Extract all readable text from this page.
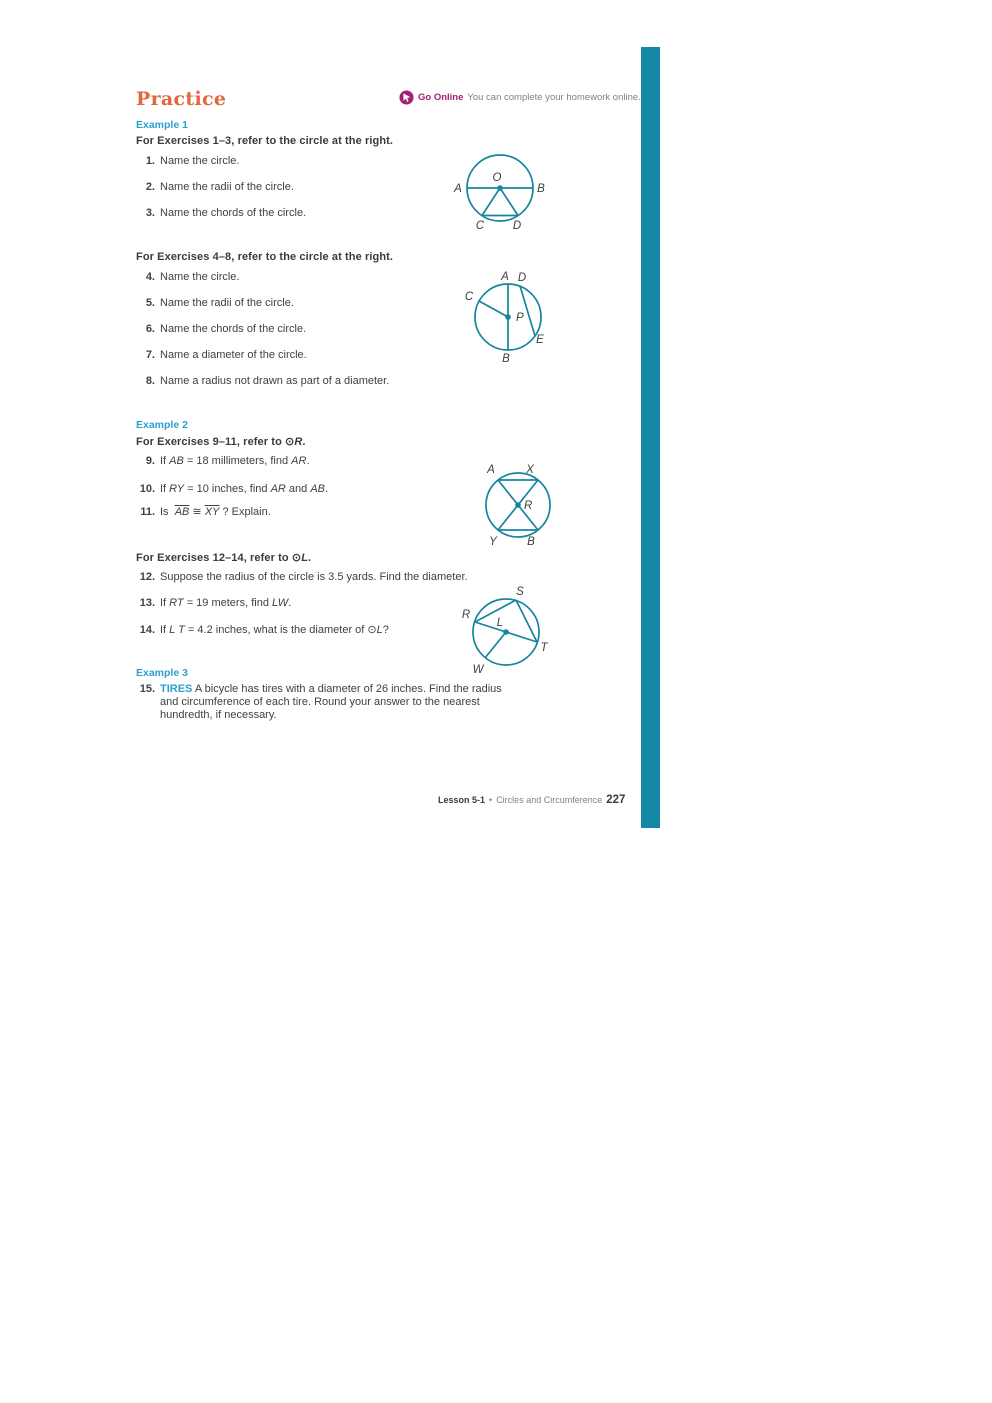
Practice	Go Online You can complete your homework online.
Example 1
For Exercises 1–3, refer to the circle at the right.
1. Name the circle.
2. Name the radii of the circle.
3. Name the chords of the circle.
A	B
O
C D
For Exercises 4–8, refer to the circle at the right.
4. Name the circle.
5. Name the radii of the circle.
6. Name the chords of the circle.
7. Name a diameter of the circle.
8. Name a radius not drawn as part of a diameter.
A D
C
P
E
B
Example 2
For Exercises 9–11, refer to ⊙R.
9. If AB = 18 millimeters, find AR.
10. If RY = 10 inches, find AR and AB.
11. Is  $\overline{AB}$ ≅ $\overline{XY}$ ? Explain.
A	X
R
Y	B
For Exercises 12–14, refer to ⊙L.
12. Suppose the radius of the circle is 3.5 yards. Find the diameter.
13. If RT = 19 meters, find LW.
14. If L T = 4.2 inches, what is the diameter of ⊙L?
S
R
L
T
W
Example 3
15. TIRES A bicycle has tires with a diameter of 26 inches. Find the radius and circumference of each tire. Round your answer to the nearest hundredth, if necessary.
Lesson 5-1 • Circles and Circumference 227
